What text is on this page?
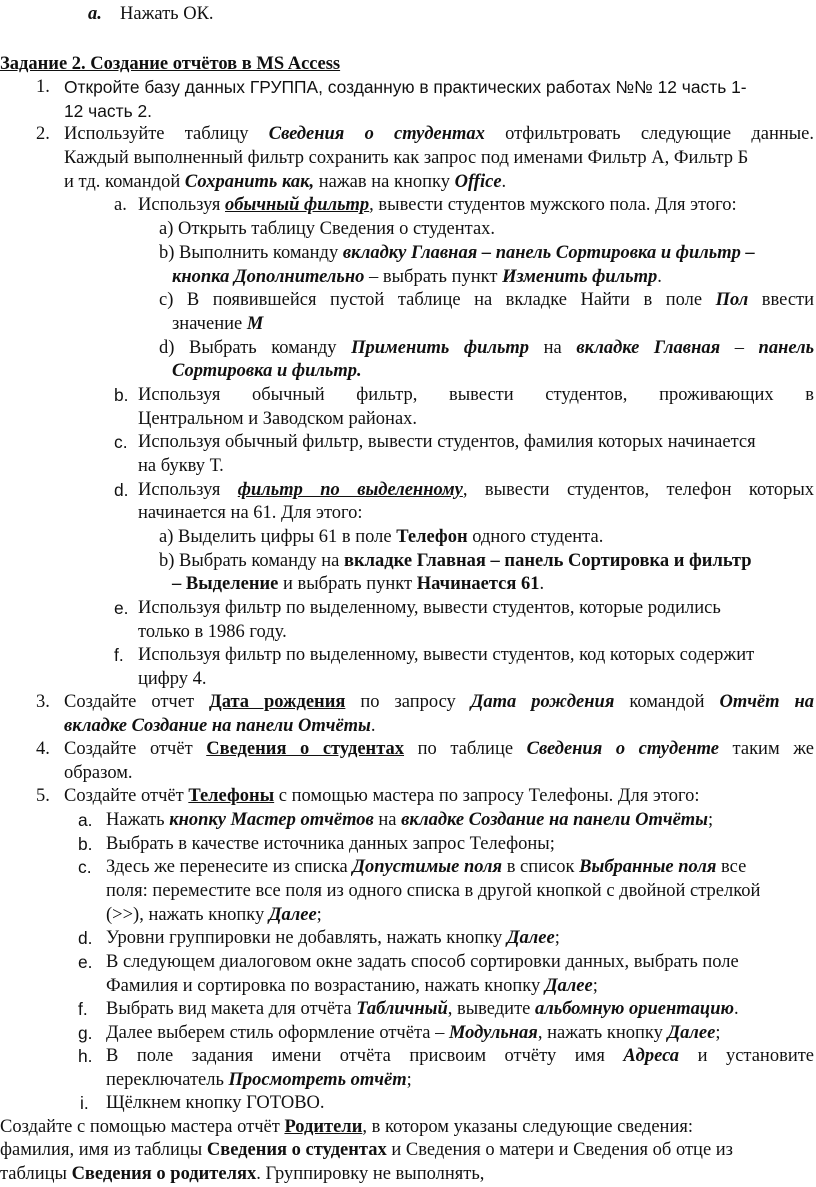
a. Нажать ОК.
Задание 2. Создание отчётов в MS Access
1. Откройте базу данных ГРУППА, созданную в практических работах №№ 12 часть 1-
12 часть 2.
2. Используйте таблицу Сведения о студентах отфильтровать следующие данные.
Каждый выполненный фильтр сохранить как запрос под именами Фильтр А, Фильтр Б
и тд. командой Сохранить как, нажав на кнопку Office.
a. Используя обычный фильтр, вывести студентов мужского пола. Для этого:
a) Открыть таблицу Сведения о студентах.
b) Выполнить команду вкладку Главная – панель Сортировка и фильтр –
кнопка Дополнительно – выбрать пункт Изменить фильтр.
c) В появившейся пустой таблице на вкладке Найти в поле Пол ввести
значение М
d) Выбрать команду Применить фильтр на вкладке Главная – панель
Сортировка и фильтр.
b. Используя обычный фильтр, вывести студентов, проживающих в
Центральном и Заводском районах.
c. Используя обычный фильтр, вывести студентов, фамилия которых начинается
на букву Т.
d. Используя фильтр по выделенному, вывести студентов, телефон которых
начинается на 61. Для этого:
a) Выделить цифры 61 в поле Телефон одного студента.
b) Выбрать команду на вкладке Главная – панель Сортировка и фильтр
– Выделение и выбрать пункт Начинается 61.
e. Используя фильтр по выделенному, вывести студентов, которые родились
только в 1986 году.
f. Используя фильтр по выделенному, вывести студентов, код которых содержит
цифру 4.
3. Создайте отчет Дата рождения по запросу Дата рождения командой Отчёт на
вкладке Создание на панели Отчёты.
4. Создайте отчёт Сведения о студентах по таблице Сведения о студенте таким же
образом.
5. Создайте отчёт Телефоны с помощью мастера по запросу Телефоны. Для этого:
a. Нажать кнопку Мастер отчётов на вкладке Создание на панели Отчёты;
b. Выбрать в качестве источника данных запрос Телефоны;
c. Здесь же перенесите из списка Допустимые поля в список Выбранные поля все
поля: переместите все поля из одного списка в другой кнопкой с двойной стрелкой
(>>), нажать кнопку Далее;
d. Уровни группировки не добавлять, нажать кнопку Далее;
e. В следующем диалоговом окне задать способ сортировки данных, выбрать поле
Фамилия и сортировка по возрастанию, нажать кнопку Далее;
f. Выбрать вид макета для отчёта Табличный, выведите альбомную ориентацию.
g. Далее выберем стиль оформление отчёта – Модульная, нажать кнопку Далее;
h. В поле задания имени отчёта присвоим отчёту имя Адреса и установите
переключатель Просмотреть отчёт;
i. Щёлкнем кнопку ГОТОВО.
Создайте с помощью мастера отчёт Родители, в котором указаны следующие сведения:
фамилия, имя из таблицы Сведения о студентах и Сведения о матери и Сведения об отце из
таблицы Сведения о родителях. Группировку не выполнять,
